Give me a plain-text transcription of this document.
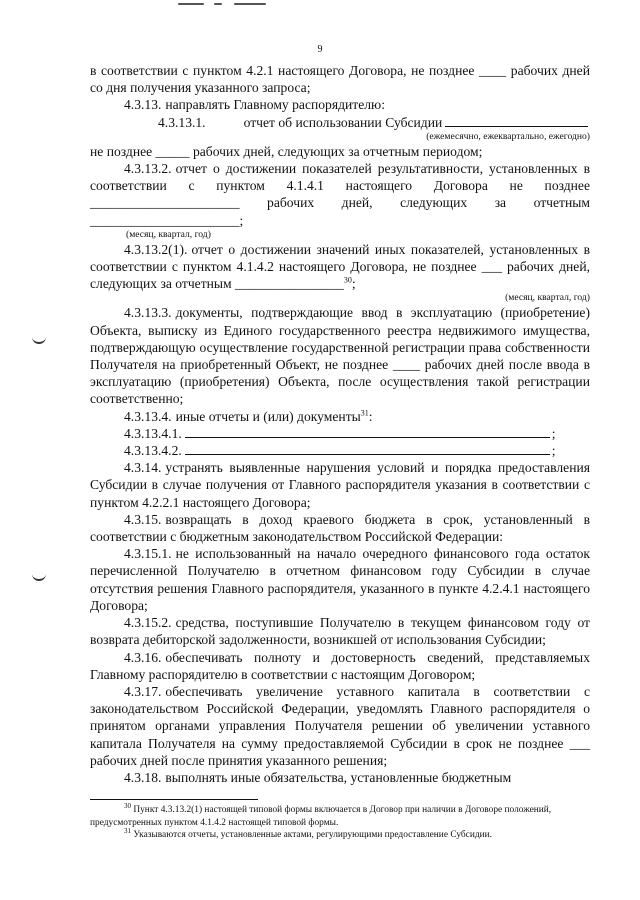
9

в соответствии с пунктом 4.2.1 настоящего Договора, не позднее ____ рабочих дней со дня получения указанного запроса;

4.3.13. направлять Главному распорядителю:

4.3.13.1.	отчет об использовании Субсидии
(ежемесячно, ежеквартально, ежегодно)

не позднее _____ рабочих дней, следующих за отчетным периодом;

4.3.13.2. отчет о достижении показателей результативности, установленных в соответствии с пунктом 4.1.4.1 настоящего Договора не позднее ______________________ рабочих дней, следующих за отчетным ______________________;

(месяц, квартал, год)

4.3.13.2(1). отчет о достижении значений иных показателей, установленных в соответствии с пунктом 4.1.4.2 настоящего Договора, не позднее ___ рабочих дней, следующих за отчетным ________________$^{30}$;

(месяц, квартал, год)

4.3.13.3. документы, подтверждающие ввод в эксплуатацию (приобретение) Объекта, выписку из Единого государственного реестра недвижимого имущества, подтверждающую осуществление государственной регистрации права собственности Получателя на приобретенный Объект, не позднее ____ рабочих дней после ввода в эксплуатацию (приобретения) Объекта, после осуществления такой регистрации соответственно;

4.3.13.4. иные отчеты и (или) документы$^{31}$:

4.3.13.4.1.	;
4.3.13.4.2.	;

4.3.14. устранять выявленные нарушения условий и порядка предоставления Субсидии в случае получения от Главного распорядителя указания в соответствии с пунктом 4.2.2.1 настоящего Договора;

4.3.15. возвращать в доход краевого бюджета в срок, установленный в соответствии с бюджетным законодательством Российской Федерации:

4.3.15.1. не использованный на начало очередного финансового года остаток перечисленной Получателю в отчетном финансовом году Субсидии в случае отсутствия решения Главного распорядителя, указанного в пункте 4.2.4.1 настоящего Договора;

4.3.15.2. средства, поступившие Получателю в текущем финансовом году от возврата дебиторской задолженности, возникшей от использования Субсидии;

4.3.16. обеспечивать полноту и достоверность сведений, представляемых Главному распорядителю в соответствии с настоящим Договором;

4.3.17. обеспечивать увеличение уставного капитала в соответствии с законодательством Российской Федерации, уведомлять Главного распорядителя о принятом органами управления Получателя решении об увеличении уставного капитала Получателя на сумму предоставляемой Субсидии в срок не позднее ___ рабочих дней после принятия указанного решения;

4.3.18. выполнять иные обязательства, установленные бюджетным

$^{30}$ Пункт 4.3.13.2(1) настоящей типовой формы включается в Договор при наличии в Договоре положений, предусмотренных пунктом 4.1.4.2 настоящей типовой формы.

$^{31}$ Указываются отчеты, установленные актами, регулирующими предоставление Субсидии.
